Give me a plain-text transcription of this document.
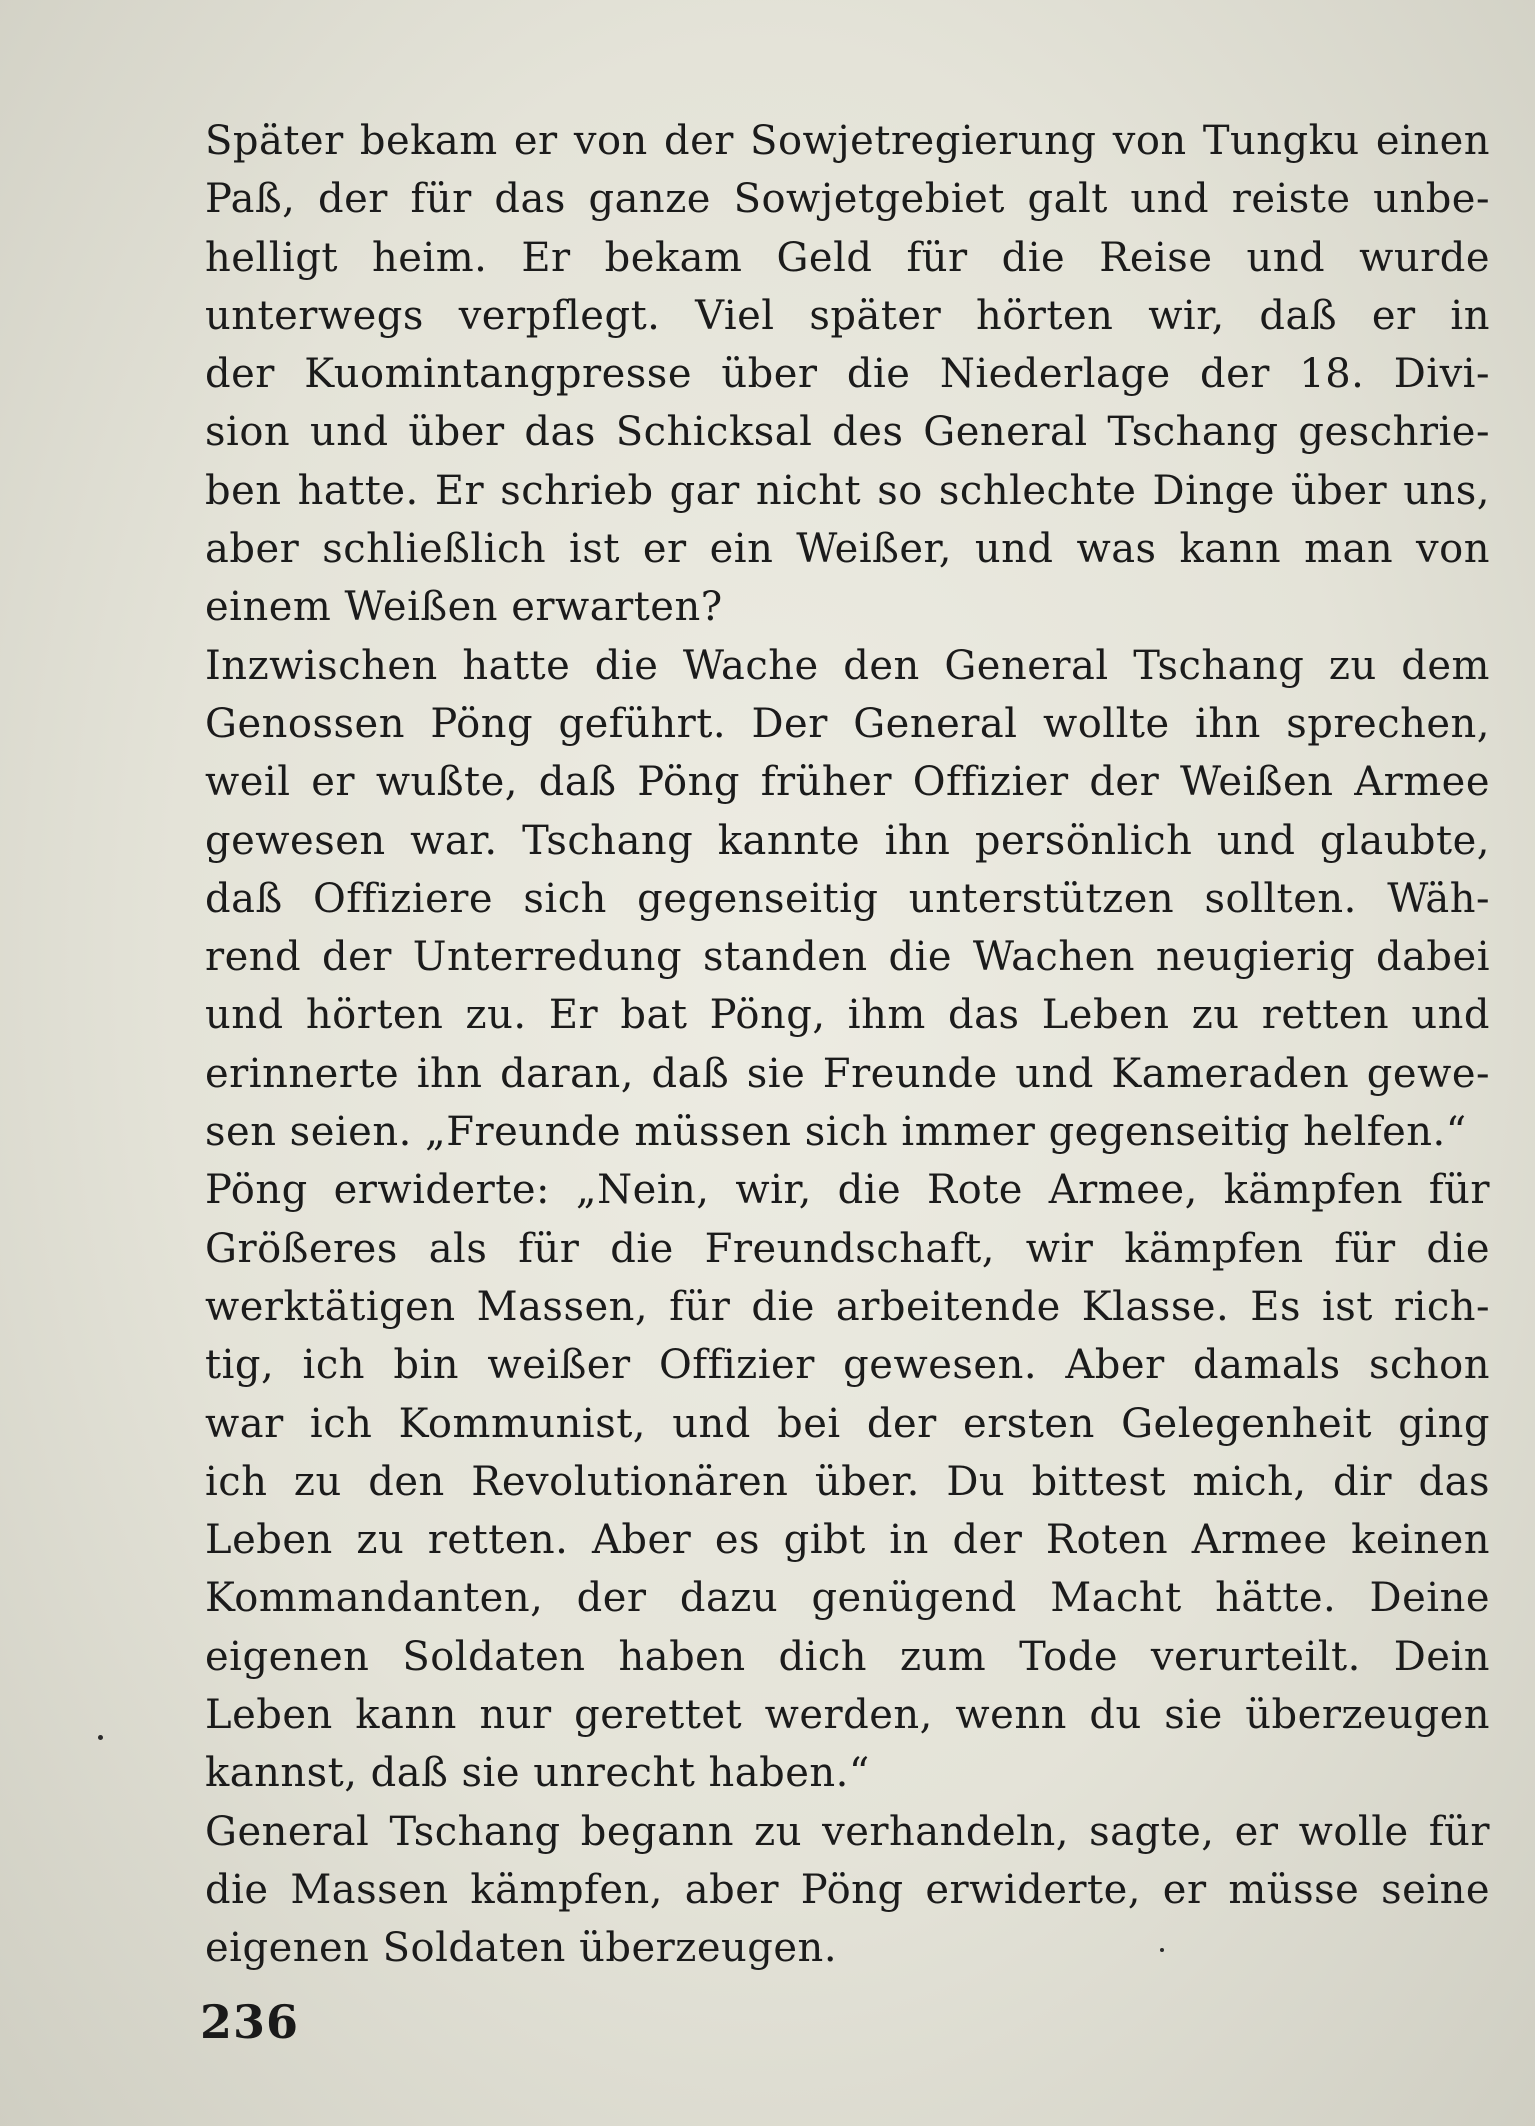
Später bekam er von der Sowjetregierung von Tungku einen
Paß, der für das ganze Sowjetgebiet galt und reiste unbe-
helligt heim. Er bekam Geld für die Reise und wurde
unterwegs verpflegt. Viel später hörten wir, daß er in
der Kuomintangpresse über die Niederlage der 18. Divi-
sion und über das Schicksal des General Tschang geschrie-
ben hatte. Er schrieb gar nicht so schlechte Dinge über uns,
aber schließlich ist er ein Weißer, und was kann man von
einem Weißen erwarten?
Inzwischen hatte die Wache den General Tschang zu dem
Genossen Pöng geführt. Der General wollte ihn sprechen,
weil er wußte, daß Pöng früher Offizier der Weißen Armee
gewesen war. Tschang kannte ihn persönlich und glaubte,
daß Offiziere sich gegenseitig unterstützen sollten. Wäh-
rend der Unterredung standen die Wachen neugierig dabei
und hörten zu. Er bat Pöng, ihm das Leben zu retten und
erinnerte ihn daran, daß sie Freunde und Kameraden gewe-
sen seien. „Freunde müssen sich immer gegenseitig helfen.“
Pöng erwiderte: „Nein, wir, die Rote Armee, kämpfen für
Größeres als für die Freundschaft, wir kämpfen für die
werktätigen Massen, für die arbeitende Klasse. Es ist rich-
tig, ich bin weißer Offizier gewesen. Aber damals schon
war ich Kommunist, und bei der ersten Gelegenheit ging
ich zu den Revolutionären über. Du bittest mich, dir das
Leben zu retten. Aber es gibt in der Roten Armee keinen
Kommandanten, der dazu genügend Macht hätte. Deine
eigenen Soldaten haben dich zum Tode verurteilt. Dein
Leben kann nur gerettet werden, wenn du sie überzeugen
kannst, daß sie unrecht haben.“
General Tschang begann zu verhandeln, sagte, er wolle für
die Massen kämpfen, aber Pöng erwiderte, er müsse seine
eigenen Soldaten überzeugen.
236
